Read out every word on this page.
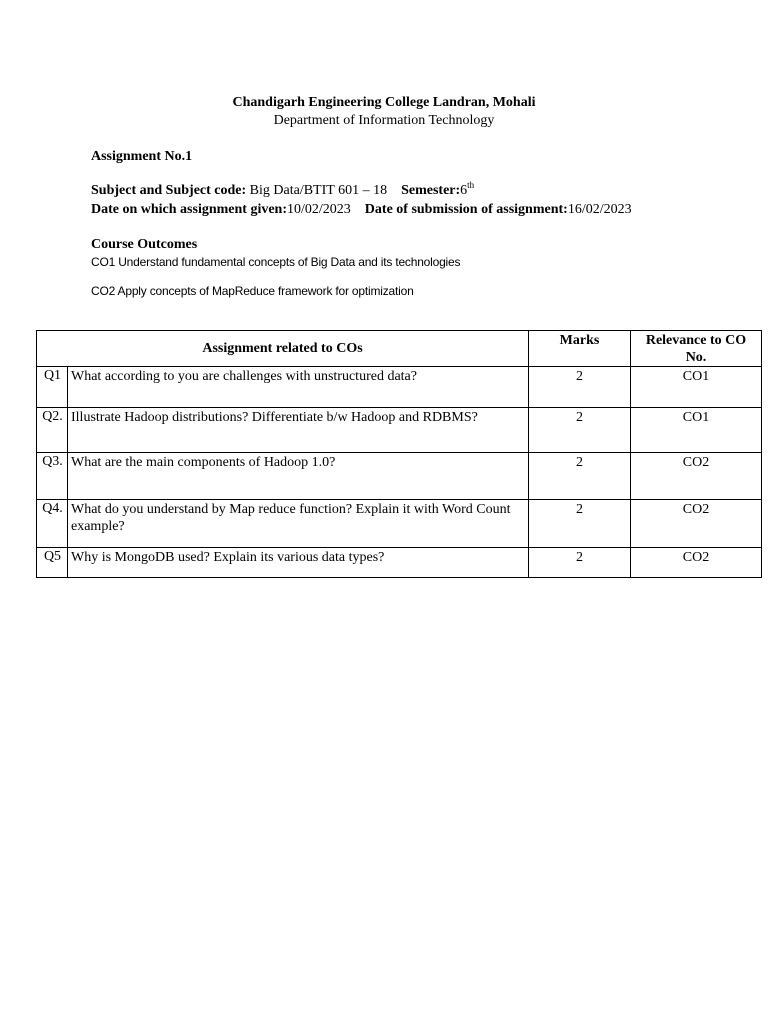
Chandigarh Engineering College Landran, Mohali
Department of Information Technology
Assignment No.1
Subject and Subject code: Big Data/BTIT 601 – 18 Semester:6th
Date on which assignment given:10/02/2023 Date of submission of assignment:16/02/2023
Course Outcomes
CO1 Understand fundamental concepts of Big Data and its technologies
CO2 Apply concepts of MapReduce framework for optimization
Assignment related to COs		Marks	Relevance to CO No.
Q1	What according to you are challenges with unstructured data?	2	CO1
Q2.	Illustrate Hadoop distributions? Differentiate b/w Hadoop and RDBMS?	2	CO1
Q3.	What are the main components of Hadoop 1.0?	2	CO2
Q4.	What do you understand by Map reduce function? Explain it with Word Count example?	2	CO2
Q5	Why is MongoDB used? Explain its various data types?	2	CO2
